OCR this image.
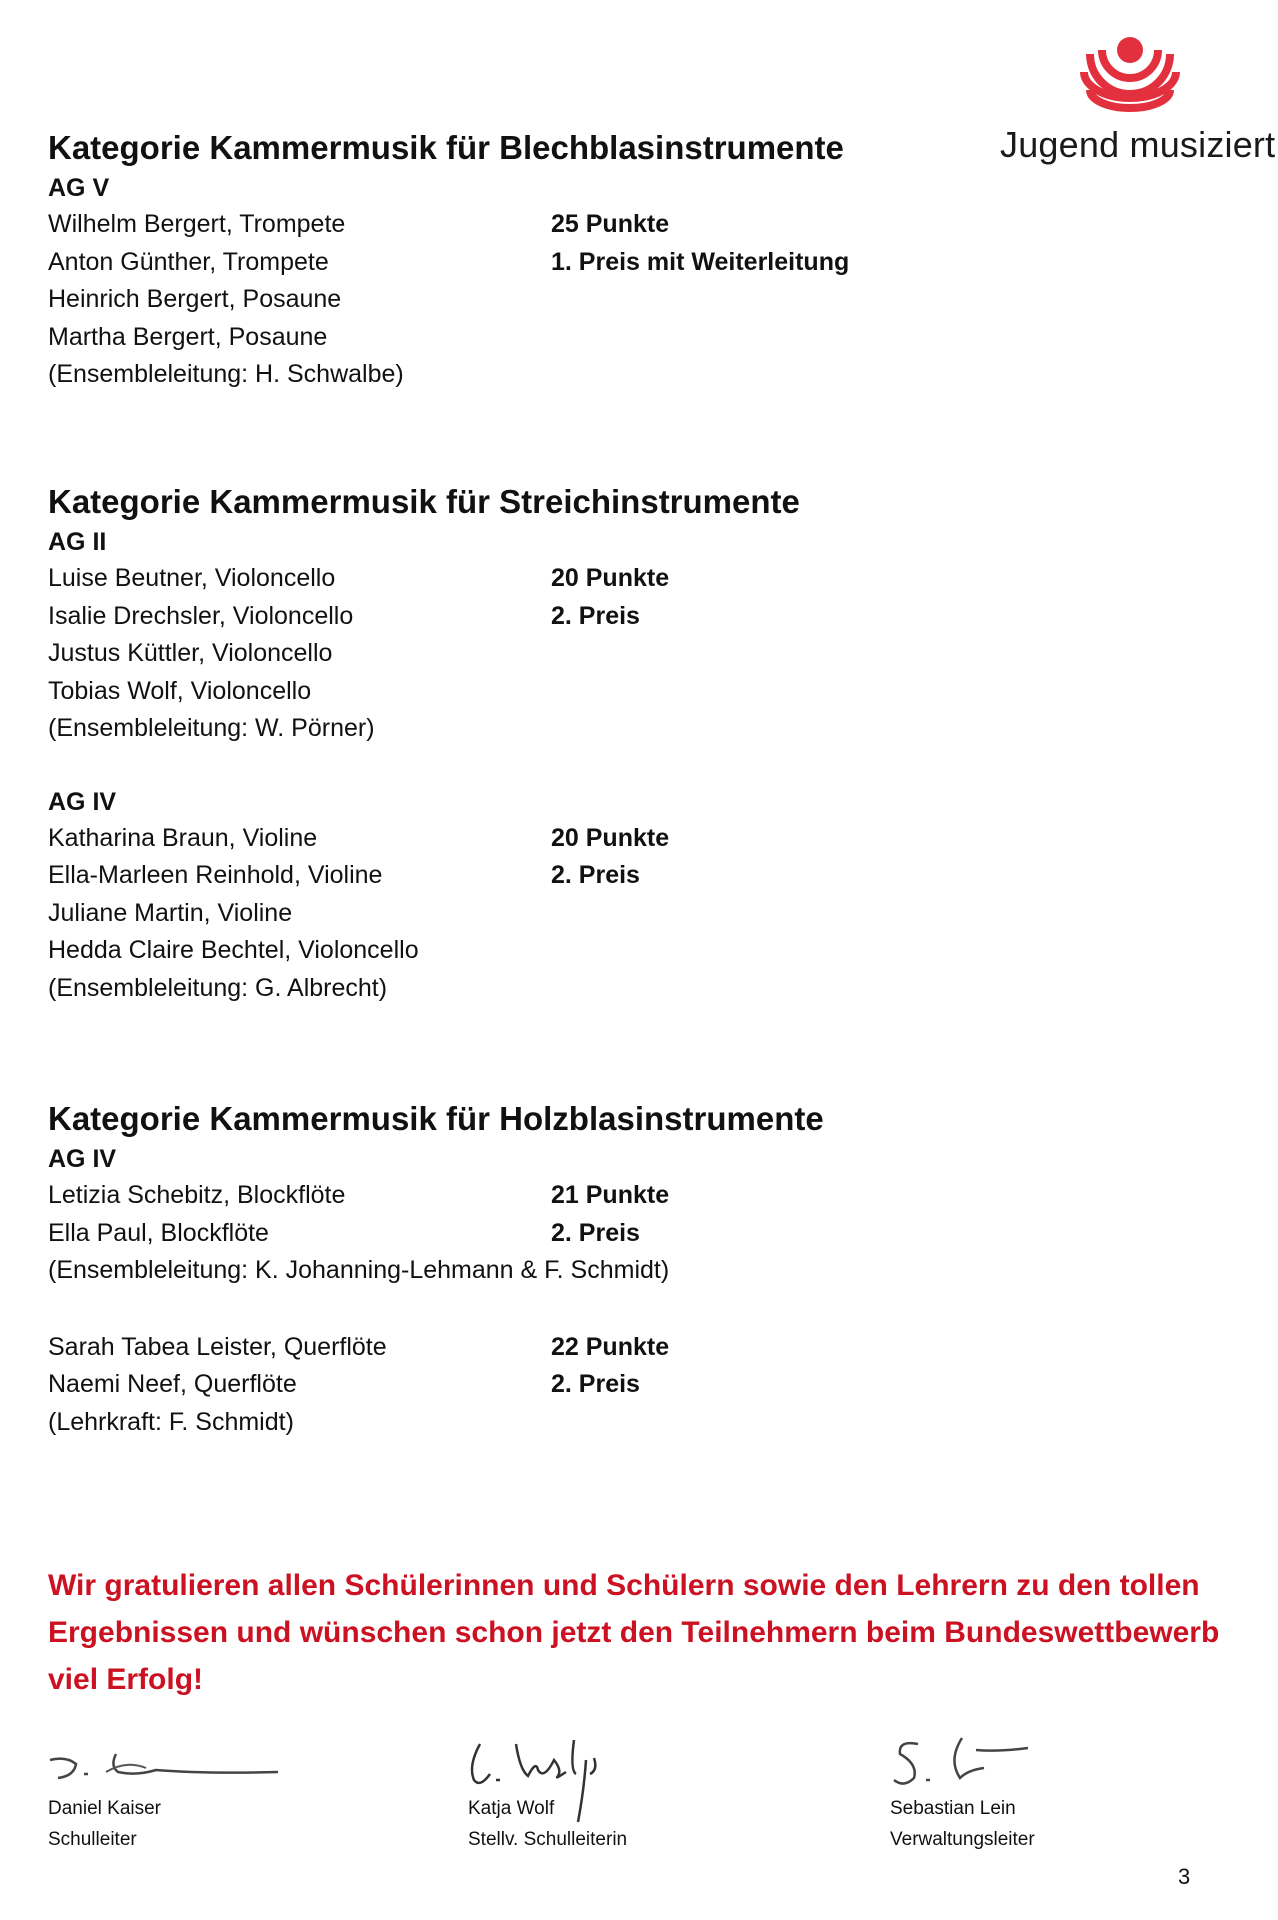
Jugend musiziert
Kategorie Kammermusik für Blechblasinstrumente
AG V
Wilhelm Bergert, Trompete	25 Punkte
Anton Günther, Trompete	1. Preis mit Weiterleitung
Heinrich Bergert, Posaune
Martha Bergert, Posaune
(Ensembleleitung: H. Schwalbe)
Kategorie Kammermusik für Streichinstrumente
AG II
Luise Beutner, Violoncello	20 Punkte
Isalie Drechsler, Violoncello	2. Preis
Justus Küttler, Violoncello
Tobias Wolf, Violoncello
(Ensembleleitung: W. Pörner)
AG IV
Katharina Braun, Violine	20 Punkte
Ella-Marleen Reinhold, Violine	2. Preis
Juliane Martin, Violine
Hedda Claire Bechtel, Violoncello
(Ensembleleitung: G. Albrecht)
Kategorie Kammermusik für Holzblasinstrumente
AG IV
Letizia Schebitz, Blockflöte	21 Punkte
Ella Paul, Blockflöte	2. Preis
(Ensembleleitung: K. Johanning-Lehmann & F. Schmidt)
Sarah Tabea Leister, Querflöte	22 Punkte
Naemi Neef, Querflöte	2. Preis
(Lehrkraft: F. Schmidt)
Wir gratulieren allen Schülerinnen und Schülern sowie den Lehrern zu den tollen Ergebnissen und wünschen schon jetzt den Teilnehmern beim Bundeswettbewerb viel Erfolg!
Daniel Kaiser
Schulleiter
Katja Wolf
Stellv. Schulleiterin
Sebastian Lein
Verwaltungsleiter
3
